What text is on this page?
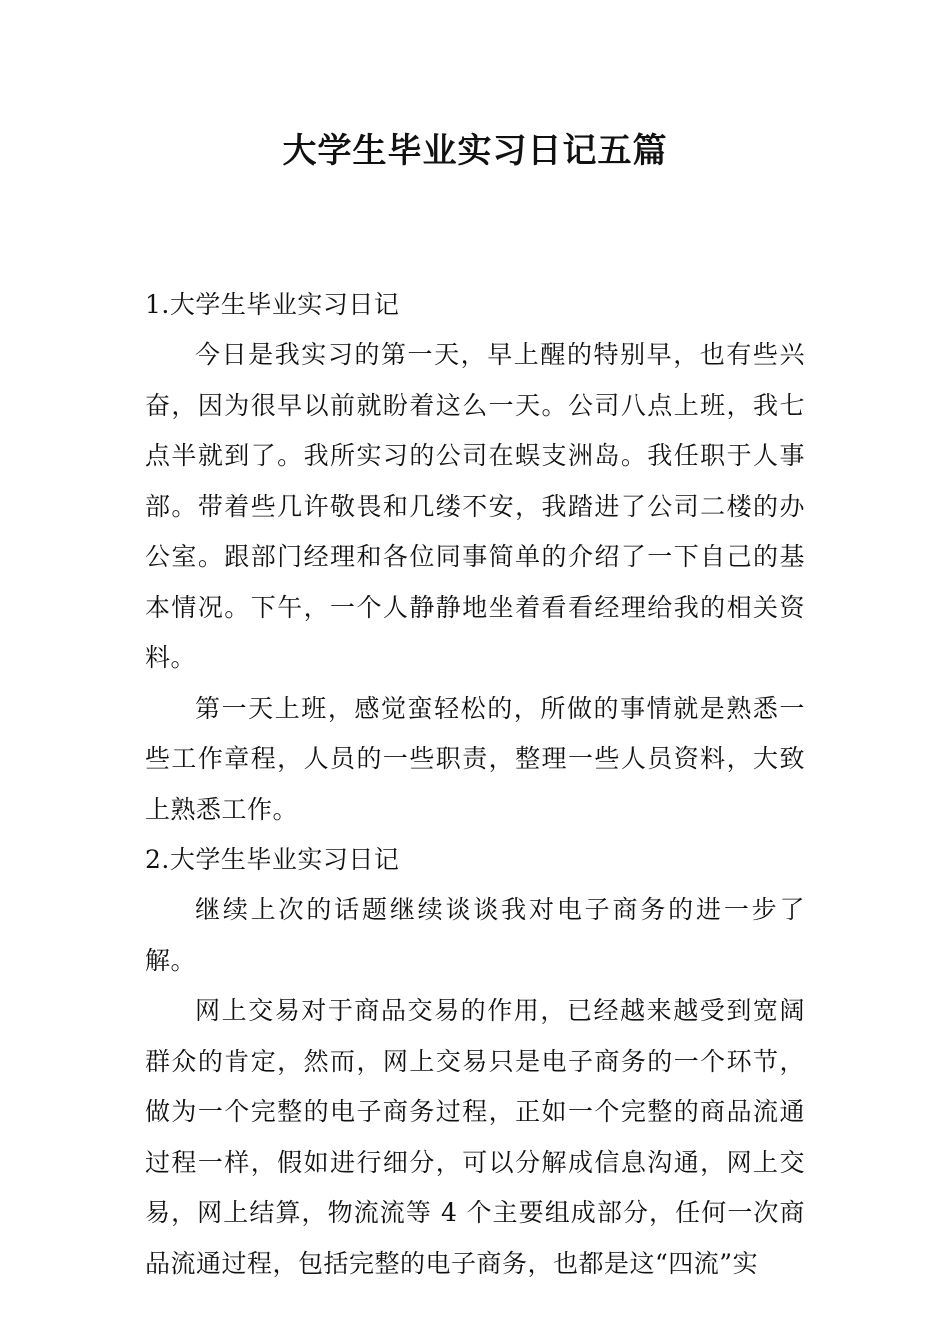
大学生毕业实习日记五篇
1.大学生毕业实习日记

今日是我实习的第一天，早上醒的特别早，也有些兴奋，因为很早以前就盼着这么一天。公司八点上班，我七点半就到了。我所实习的公司在蜈支洲岛。我任职于人事部。带着些几许敬畏和几缕不安，我踏进了公司二楼的办公室。跟部门经理和各位同事简单的介绍了一下自己的基本情况。下午，一个人静静地坐着看看经理给我的相关资料。

第一天上班，感觉蛮轻松的，所做的事情就是熟悉一些工作章程，人员的一些职责，整理一些人员资料，大致上熟悉工作。

2.大学生毕业实习日记

继续上次的话题继续谈谈我对电子商务的进一步了解。

网上交易对于商品交易的作用，已经越来越受到宽阔群众的肯定，然而，网上交易只是电子商务的一个环节，做为一个完整的电子商务过程，正如一个完整的商品流通过程一样，假如进行细分，可以分解成信息沟通，网上交易，网上结算，物流流等 4 个主要组成部分，任何一次商品流通过程，包括完整的电子商务，也都是这“四流”实
